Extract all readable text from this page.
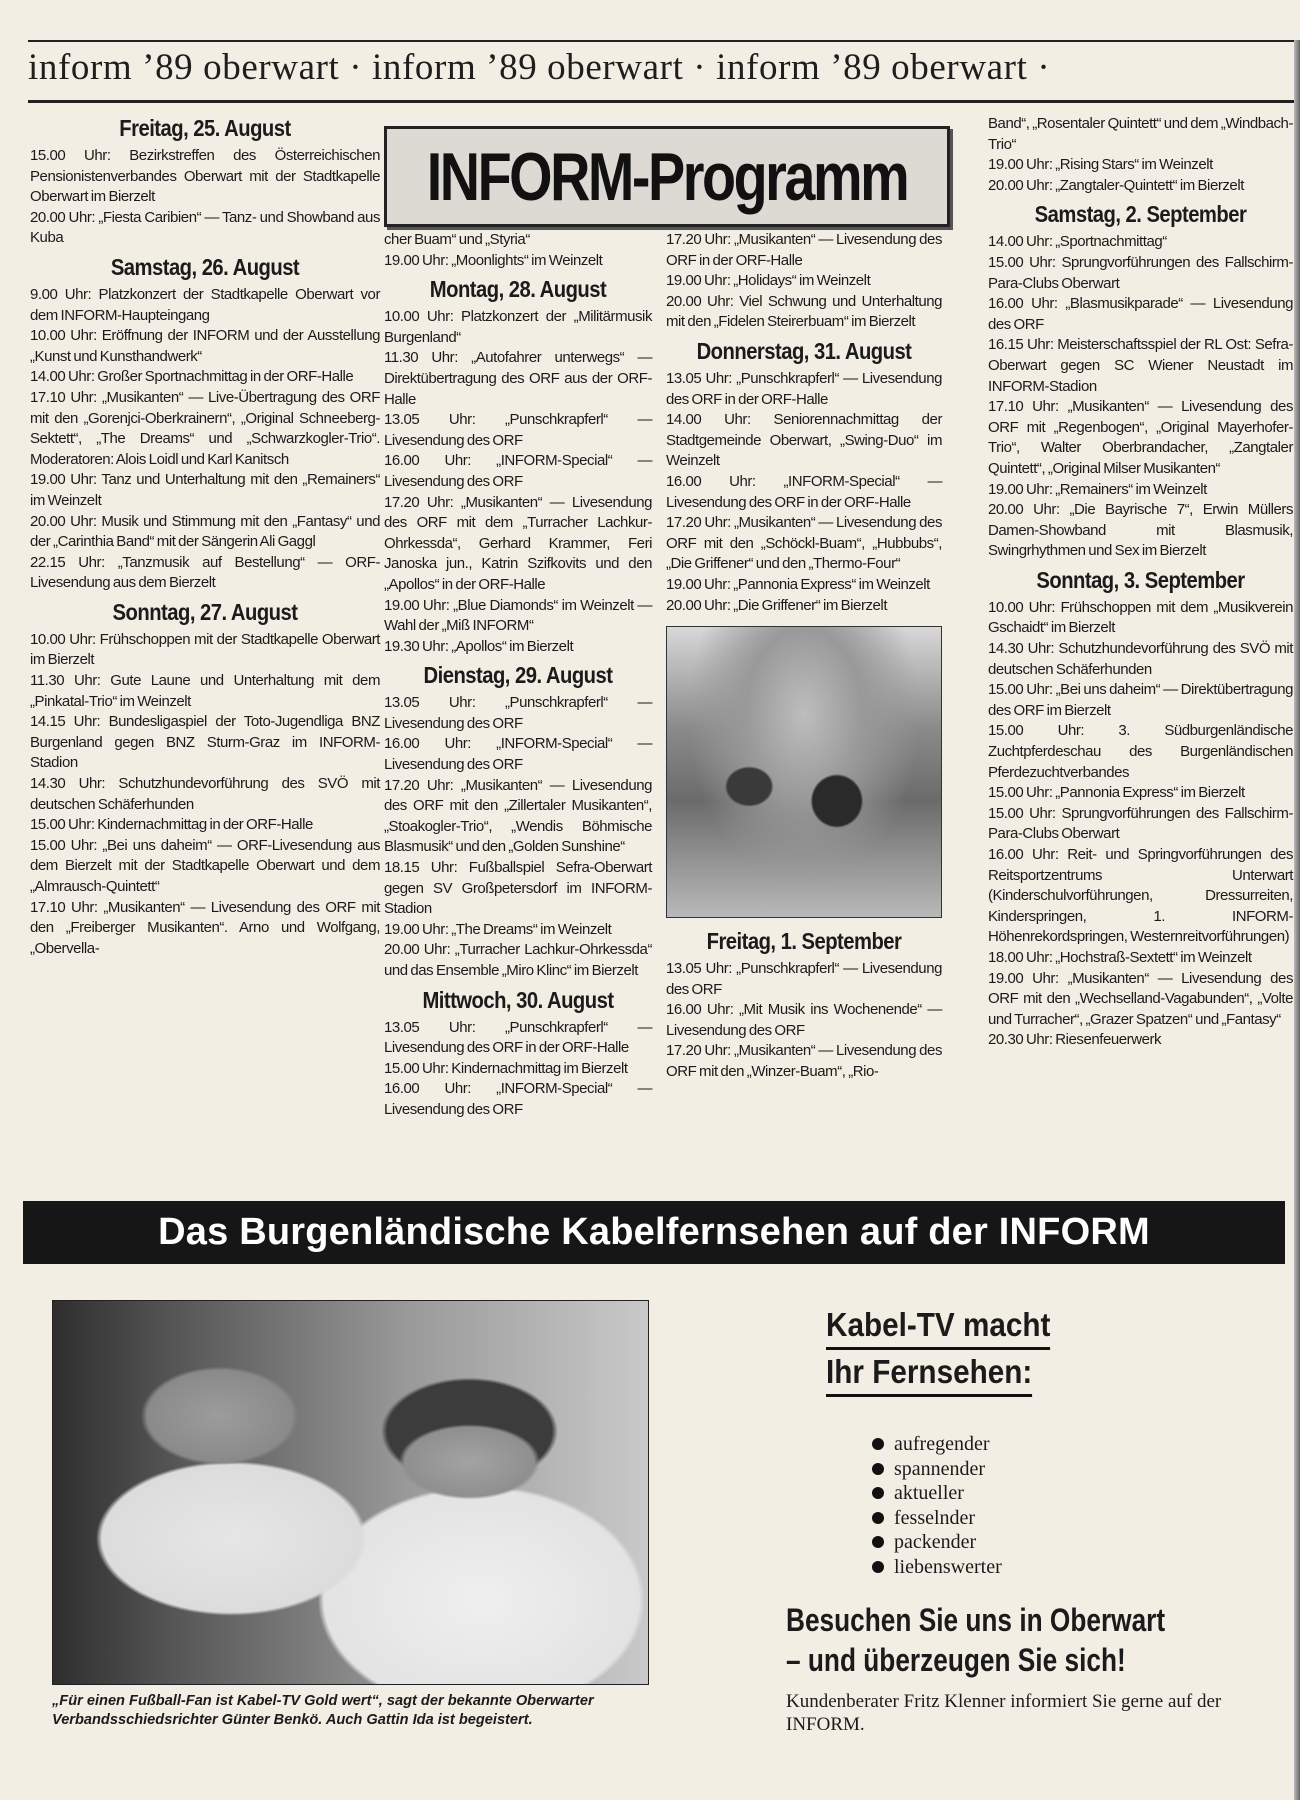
inform ’89 oberwart · inform ’89 oberwart · inform ’89 oberwart ·
Freitag, 25. August
15.00 Uhr: Bezirkstreffen des Österreichischen Pensionistenverbandes Oberwart mit der Stadtkapelle Oberwart im Bierzelt
20.00 Uhr: „Fiesta Caribien“ — Tanz- und Showband aus Kuba
Samstag, 26. August
9.00 Uhr: Platzkonzert der Stadtkapelle Oberwart vor dem INFORM-Haupteingang
10.00 Uhr: Eröffnung der INFORM und der Ausstellung „Kunst und Kunsthandwerk“
14.00 Uhr: Großer Sportnachmittag in der ORF-Halle
17.10 Uhr: „Musikanten“ — Live-Übertragung des ORF mit den „Gorenjci-Oberkrainern“, „Original Schneeberg-Sektett“, „The Dreams“ und „Schwarzkogler-Trio“. Moderatoren: Alois Loidl und Karl Kanitsch
19.00 Uhr: Tanz und Unterhaltung mit den „Remainers“ im Weinzelt
20.00 Uhr: Musik und Stimmung mit den „Fantasy“ und der „Carinthia Band“ mit der Sängerin Ali Gaggl
22.15 Uhr: „Tanzmusik auf Bestellung“ — ORF-Livesendung aus dem Bierzelt
Sonntag, 27. August
10.00 Uhr: Frühschoppen mit der Stadtkapelle Oberwart im Bierzelt
11.30 Uhr: Gute Laune und Unterhaltung mit dem „Pinkatal-Trio“ im Weinzelt
14.15 Uhr: Bundesligaspiel der Toto-Jugendliga BNZ Burgenland gegen BNZ Sturm-Graz im INFORM-Stadion
14.30 Uhr: Schutzhundevorführung des SVÖ mit deutschen Schäferhunden
15.00 Uhr: Kindernachmittag in der ORF-Halle
15.00 Uhr: „Bei uns daheim“ — ORF-Livesendung aus dem Bierzelt mit der Stadtkapelle Oberwart und dem „Almrausch-Quintett“
17.10 Uhr: „Musikanten“ — Livesendung des ORF mit den „Freiberger Musikanten“. Arno und Wolfgang, „Obervella-
INFORM-Programm
cher Buam“ und „Styria“
19.00 Uhr: „Moonlights“ im Weinzelt
Montag, 28. August
10.00 Uhr: Platzkonzert der „Militärmusik Burgenland“
11.30 Uhr: „Autofahrer unterwegs“ — Direktübertragung des ORF aus der ORF-Halle
13.05 Uhr: „Punschkrapferl“ — Livesendung des ORF
16.00 Uhr: „INFORM-Special“ — Livesendung des ORF
17.20 Uhr: „Musikanten“ — Livesendung des ORF mit dem „Turracher Lachkur-Ohrkessda“, Gerhard Krammer, Feri Janoska jun., Katrin Szifkovits und den „Apollos“ in der ORF-Halle
19.00 Uhr: „Blue Diamonds“ im Weinzelt — Wahl der „Miß INFORM“
19.30 Uhr: „Apollos“ im Bierzelt
Dienstag, 29. August
13.05 Uhr: „Punschkrapferl“ — Livesendung des ORF
16.00 Uhr: „INFORM-Special“ — Livesendung des ORF
17.20 Uhr: „Musikanten“ — Livesendung des ORF mit den „Zillertaler Musikanten“, „Stoakogler-Trio“, „Wendis Böhmische Blasmusik“ und den „Golden Sunshine“
18.15 Uhr: Fußballspiel Sefra-Oberwart gegen SV Großpetersdorf im INFORM-Stadion
19.00 Uhr: „The Dreams“ im Weinzelt
20.00 Uhr: „Turracher Lachkur-Ohrkessda“ und das Ensemble „Miro Klinc“ im Bierzelt
Mittwoch, 30. August
13.05 Uhr: „Punschkrapferl“ — Livesendung des ORF in der ORF-Halle
15.00 Uhr: Kindernachmittag im Bierzelt
16.00 Uhr: „INFORM-Special“ — Livesendung des ORF
17.20 Uhr: „Musikanten“ — Livesendung des ORF in der ORF-Halle
19.00 Uhr: „Holidays“ im Weinzelt
20.00 Uhr: Viel Schwung und Unterhaltung mit den „Fidelen Steirerbuam“ im Bierzelt
Donnerstag, 31. August
13.05 Uhr: „Punschkrapferl“ — Livesendung des ORF in der ORF-Halle
14.00 Uhr: Seniorennachmittag der Stadtgemeinde Oberwart, „Swing-Duo“ im Weinzelt
16.00 Uhr: „INFORM-Special“ — Livesendung des ORF in der ORF-Halle
17.20 Uhr: „Musikanten“ — Livesendung des ORF mit den „Schöckl-Buam“, „Hubbubs“, „Die Griffener“ und den „Thermo-Four“
19.00 Uhr: „Pannonia Express“ im Weinzelt
20.00 Uhr: „Die Griffener“ im Bierzelt
Freitag, 1. September
13.05 Uhr: „Punschkrapferl“ — Livesendung des ORF
16.00 Uhr: „Mit Musik ins Wochenende“ — Livesendung des ORF
17.20 Uhr: „Musikanten“ — Livesendung des ORF mit den „Winzer-Buam“, „Rio-
Band“, „Rosentaler Quintett“ und dem „Windbach-Trio“
19.00 Uhr: „Rising Stars“ im Weinzelt
20.00 Uhr: „Zangtaler-Quintett“ im Bierzelt
Samstag, 2. September
14.00 Uhr: „Sportnachmittag“
15.00 Uhr: Sprungvorführungen des Fallschirm-Para-Clubs Oberwart
16.00 Uhr: „Blasmusikparade“ — Livesendung des ORF
16.15 Uhr: Meisterschaftsspiel der RL Ost: Sefra-Oberwart gegen SC Wiener Neustadt im INFORM-Stadion
17.10 Uhr: „Musikanten“ — Livesendung des ORF mit „Regenbogen“, „Original Mayerhofer-Trio“, Walter Oberbrandacher, „Zangtaler Quintett“, „Original Milser Musikanten“
19.00 Uhr: „Remainers“ im Weinzelt
20.00 Uhr: „Die Bayrische 7“, Erwin Müllers Damen-Showband mit Blasmusik, Swingrhythmen und Sex im Bierzelt
Sonntag, 3. September
10.00 Uhr: Frühschoppen mit dem „Musikverein Gschaidt“ im Bierzelt
14.30 Uhr: Schutzhundevorführung des SVÖ mit deutschen Schäferhunden
15.00 Uhr: „Bei uns daheim“ — Direktübertragung des ORF im Bierzelt
15.00 Uhr: 3. Südburgenländische Zuchtpferdeschau des Burgenländischen Pferdezuchtverbandes
15.00 Uhr: „Pannonia Express“ im Bierzelt
15.00 Uhr: Sprungvorführungen des Fallschirm-Para-Clubs Oberwart
16.00 Uhr: Reit- und Springvorführungen des Reitsportzentrums Unterwart (Kinderschulvorführungen, Dressurreiten, Kinderspringen, 1. INFORM-Höhenrekordspringen, Westernreitvorführungen)
18.00 Uhr: „Hochstraß-Sextett“ im Weinzelt
19.00 Uhr: „Musikanten“ — Livesendung des ORF mit den „Wechselland-Vagabunden“, „Volte und Turracher“, „Grazer Spatzen“ und „Fantasy“
20.30 Uhr: Riesenfeuerwerk
Das Burgenländische Kabelfernsehen auf der INFORM
„Für einen Fußball-Fan ist Kabel-TV Gold wert“, sagt der bekannte Oberwarter Verbandsschiedsrichter Günter Benkö. Auch Gattin Ida ist begeistert.
Kabel-TV macht
Ihr Fernsehen:
aufregender
spannender
aktueller
fesselnder
packender
liebenswerter
Besuchen Sie uns in Oberwart
– und überzeugen Sie sich!
Kundenberater Fritz Klenner informiert Sie gerne auf der INFORM.
